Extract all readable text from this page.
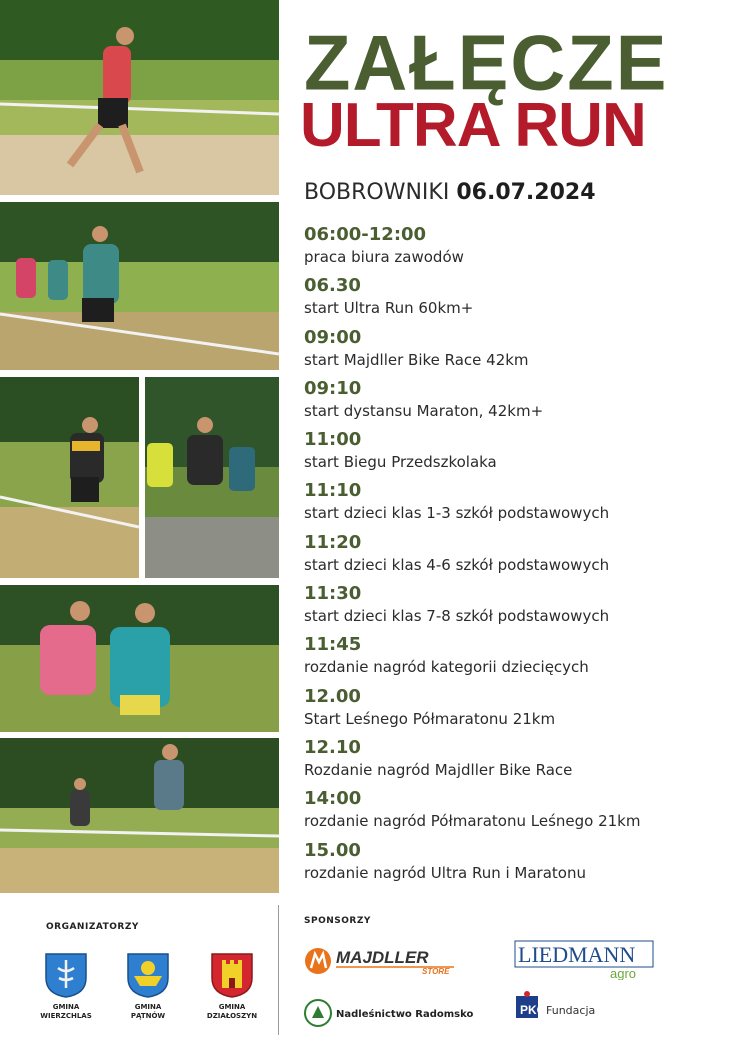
ZAŁĘCZE
ULTRA RUN
BOBROWNIKI 06.07.2024
06:00-12:00
praca biura zawodów
06.30
start Ultra Run 60km+
09:00
start Majdller Bike Race 42km
09:10
start dystansu Maraton, 42km+
11:00
start Biegu Przedszkolaka
11:10
start dzieci klas 1-3 szkół podstawowych
11:20
start dzieci klas 4-6 szkół podstawowych
11:30
start dzieci klas 7-8 szkół podstawowych
11:45
rozdanie nagród kategorii dziecięcych
12.00
Start Leśnego Półmaratonu 21km
12.10
Rozdanie nagród Majdller Bike Race
14:00
rozdanie nagród Półmaratonu Leśnego 21km
15.00
rozdanie nagród Ultra Run i Maratonu
ORGANIZATORZY
SPONSORZY
GMINA
WIERZCHLAS
GMINA
PĄTNÓW
GMINA
DZIAŁOSZYN
MAJDLLER
STORE
LIEDMANN
agro
Nadleśnictwo Radomsko	PKO Fundacja
